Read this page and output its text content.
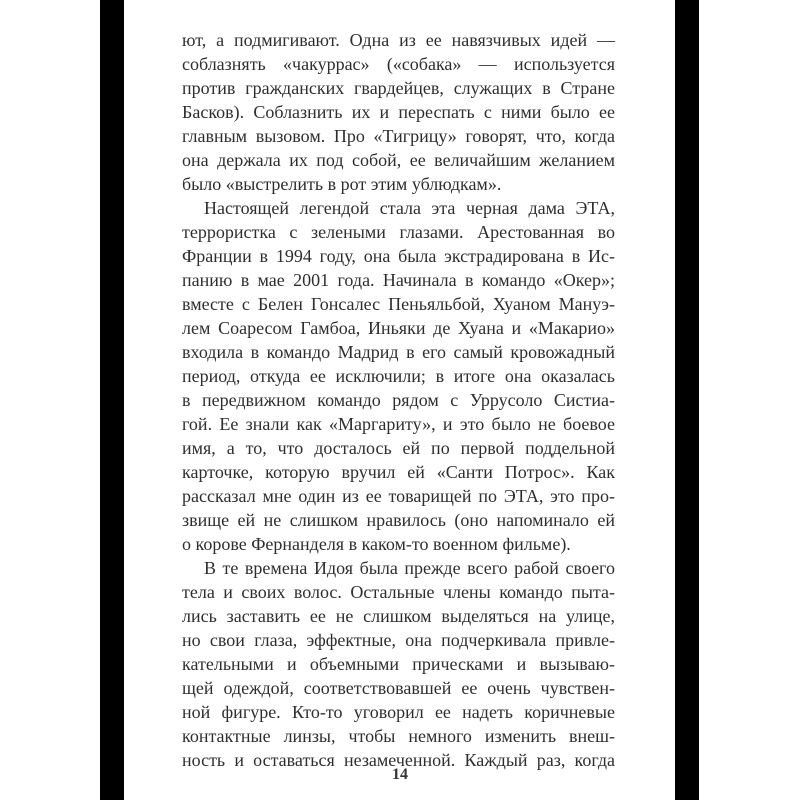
ют, а подмигивают. Одна из ее навязчивых идей —
соблазнять «чакуррас» («собака» — используется
против гражданских гвардейцев, служащих в Стране
Басков). Соблазнить их и переспать с ними было ее
главным вызовом. Про «Тигрицу» говорят, что, когда
она держала их под собой, ее величайшим желанием
было «выстрелить в рот этим ублюдкам».
Настоящей легендой стала эта черная дама ЭТА,
террористка с зелеными глазами. Арестованная во
Франции в 1994 году, она была экстрадирована в Ис-
панию в мае 2001 года. Начинала в командо «Окер»;
вместе с Белен Гонсалес Пеньяльбой, Хуаном Мануэ-
лем Соаресом Гамбоа, Иньяки де Хуана и «Макарио»
входила в командо Мадрид в его самый кровожадный
период, откуда ее исключили; в итоге она оказалась
в передвижном командо рядом с Уррусоло Систиа-
гой. Ее знали как «Маргариту», и это было не боевое
имя, а то, что досталось ей по первой поддельной
карточке, которую вручил ей «Санти Потрос». Как
рассказал мне один из ее товарищей по ЭТА, это про-
звище ей не слишком нравилось (оно напоминало ей
о корове Фернанделя в каком-то военном фильме).
В те времена Идоя была прежде всего рабой своего
тела и своих волос. Остальные члены командо пыта-
лись заставить ее не слишком выделяться на улице,
но свои глаза, эффектные, она подчеркивала привле-
кательными и объемными прическами и вызываю-
щей одеждой, соответствовавшей ее очень чувствен-
ной фигуре. Кто-то уговорил ее надеть коричневые
контактные линзы, чтобы немного изменить внеш-
ность и оставаться незамеченной. Каждый раз, когда
14
